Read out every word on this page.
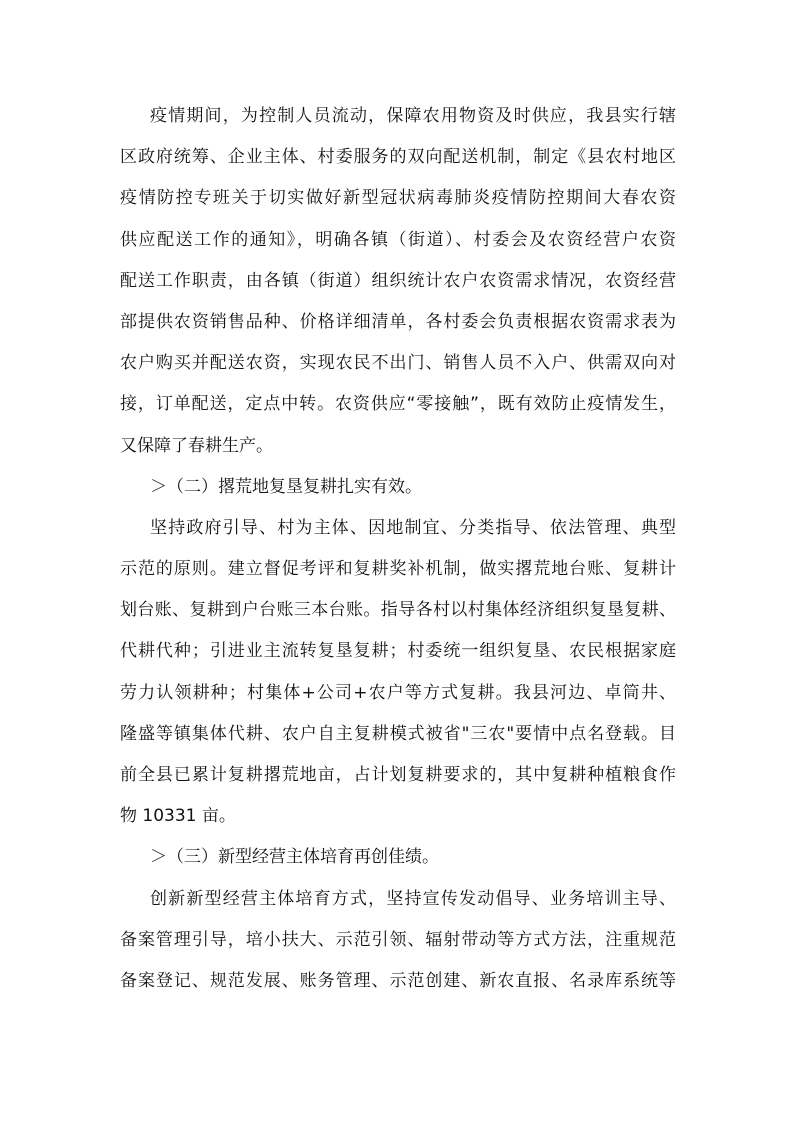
疫情期间，为控制人员流动，保障农用物资及时供应，我县实行辖
区政府统筹、企业主体、村委服务的双向配送机制，制定《县农村地区
疫情防控专班关于切实做好新型冠状病毒肺炎疫情防控期间大春农资
供应配送工作的通知》，明确各镇（街道）、村委会及农资经营户农资
配送工作职责，由各镇（街道）组织统计农户农资需求情况，农资经营
部提供农资销售品种、价格详细清单，各村委会负责根据农资需求表为
农户购买并配送农资，实现农民不出门、销售人员不入户、供需双向对
接，订单配送，定点中转。农资供应“零接触”，既有效防止疫情发生，
又保障了春耕生产。
＞（二）撂荒地复垦复耕扎实有效。
坚持政府引导、村为主体、因地制宜、分类指导、依法管理、典型
示范的原则。建立督促考评和复耕奖补机制，做实撂荒地台账、复耕计
划台账、复耕到户台账三本台账。指导各村以村集体经济组织复垦复耕、
代耕代种；引进业主流转复垦复耕；村委统一组织复垦、农民根据家庭
劳力认领耕种；村集体+公司+农户等方式复耕。我县河边、卓筒井、
隆盛等镇集体代耕、农户自主复耕模式被省"三农"要情中点名登载。目
前全县已累计复耕撂荒地亩，占计划复耕要求的，其中复耕种植粮食作
物 10331 亩。
＞（三）新型经营主体培育再创佳绩。
创新新型经营主体培育方式，坚持宣传发动倡导、业务培训主导、
备案管理引导，培小扶大、示范引领、辐射带动等方式方法，注重规范
备案登记、规范发展、账务管理、示范创建、新农直报、名录库系统等
